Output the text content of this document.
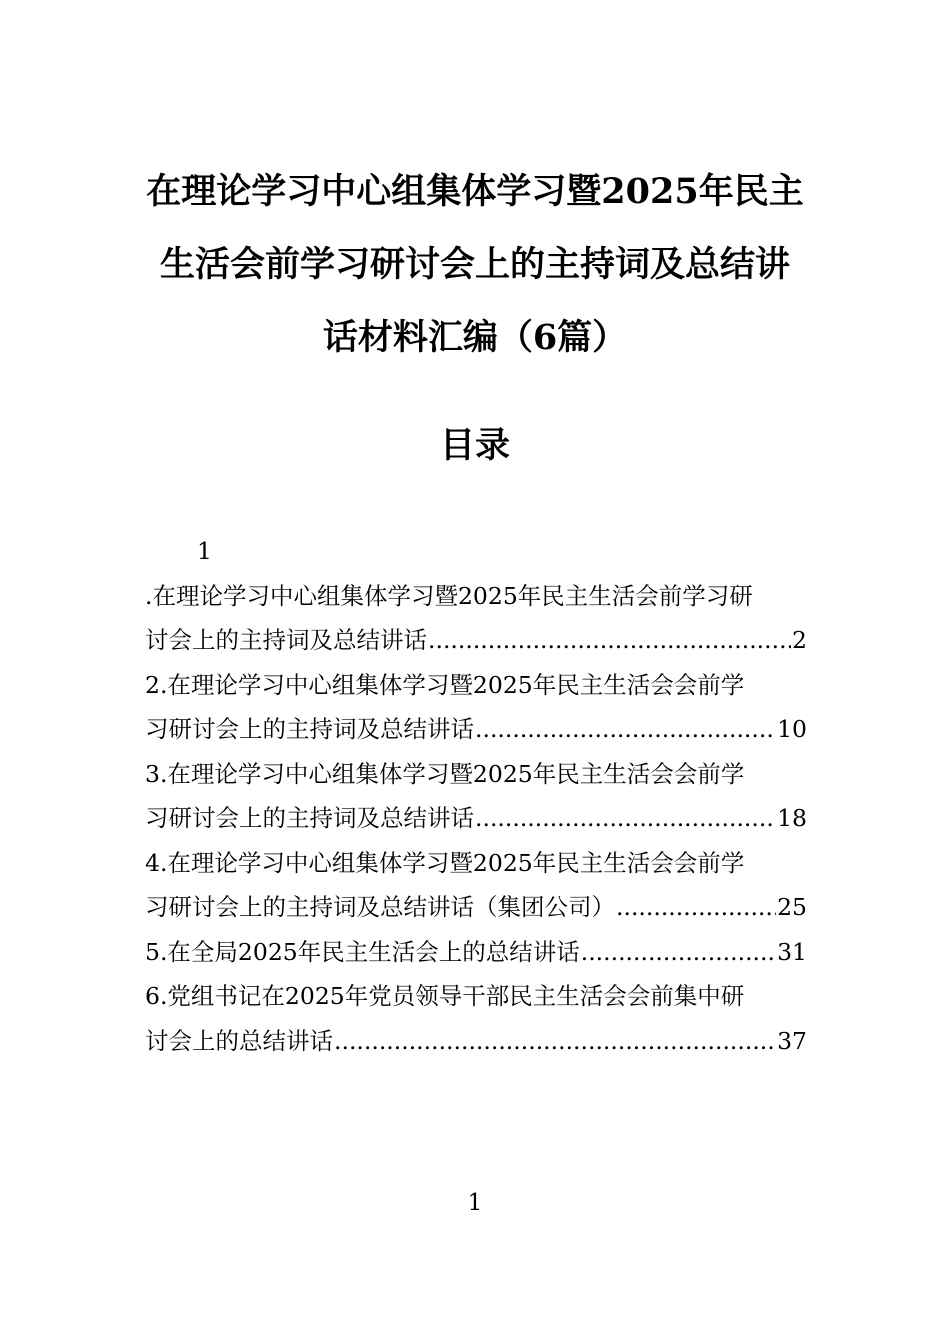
在理论学习中心组集体学习暨2025年民主
生活会前学习研讨会上的主持词及总结讲
话材料汇编（6篇）
目录
1
.在理论学习中心组集体学习暨2025年民主生活会前学习研
讨会上的主持词及总结讲话 .....	2
2.在理论学习中心组集体学习暨2025年民主生活会会前学
习研讨会上的主持词及总结讲话 .....	10
3.在理论学习中心组集体学习暨2025年民主生活会会前学
习研讨会上的主持词及总结讲话 .....	18
4.在理论学习中心组集体学习暨2025年民主生活会会前学
习研讨会上的主持词及总结讲话（集团公司） .....	25
5.在全局2025年民主生活会上的总结讲话 .....	31
6.党组书记在2025年党员领导干部民主生活会会前集中研
讨会上的总结讲话 .....	37
1
